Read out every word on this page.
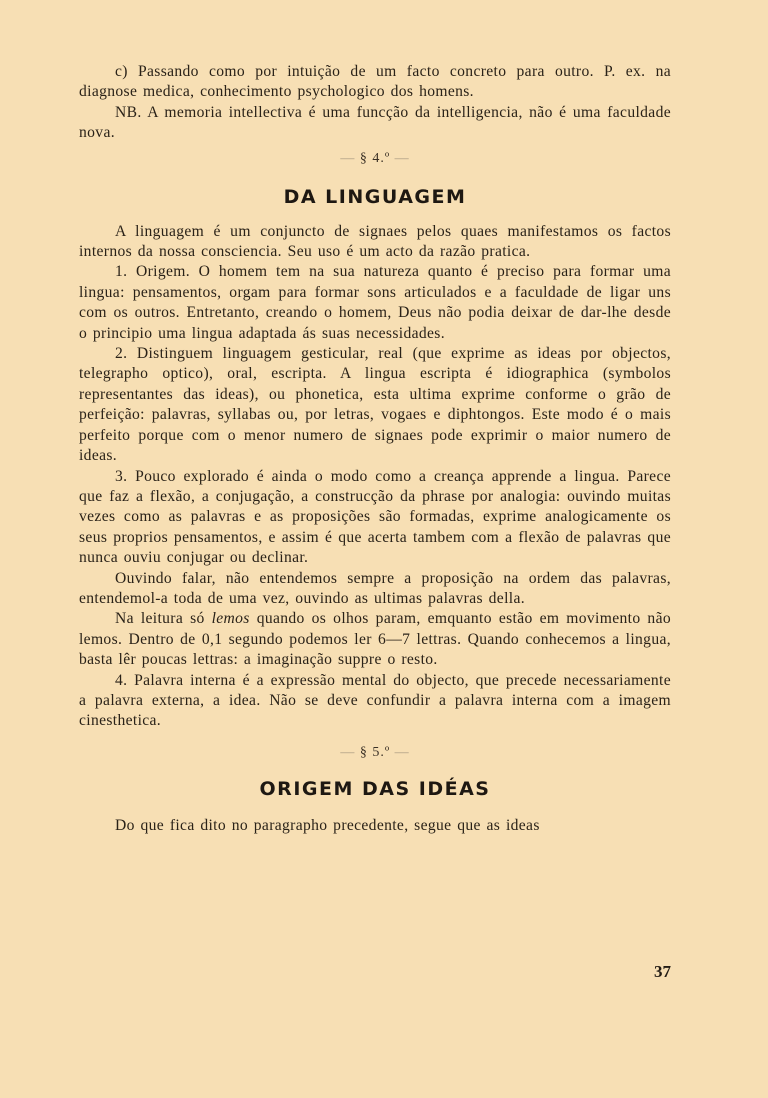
c) Passando como por intuição de um facto concreto para outro. P. ex. na diagnose medica, conhecimento psychologico dos homens.

NB. A memoria intellectiva é uma funcção da intelligencia, não é uma faculdade nova.

— § 4.º —
DA LINGUAGEM

A linguagem é um conjuncto de signaes pelos quaes manifestamos os factos internos da nossa consciencia. Seu uso é um acto da razão pratica.

1. Origem. O homem tem na sua natureza quanto é preciso para formar uma lingua: pensamentos, orgam para formar sons articulados e a faculdade de ligar uns com os outros. Entretanto, creando o homem, Deus não podia deixar de dar-lhe desde o principio uma lingua adaptada ás suas necessidades.

2. Distinguem linguagem gesticular, real (que exprime as ideas por objectos, telegrapho optico), oral, escripta. A lingua escripta é idiographica (symbolos representantes das ideas), ou phonetica, esta ultima exprime conforme o grão de perfeição: palavras, syllabas ou, por letras, vogaes e diphtongos. Este modo é o mais perfeito porque com o menor numero de signaes pode exprimir o maior numero de ideas.

3. Pouco explorado é ainda o modo como a creança apprende a lingua. Parece que faz a flexão, a conjugação, a construcção da phrase por analogia: ouvindo muitas vezes como as palavras e as proposições são formadas, exprime analogicamente os seus proprios pensamentos, e assim é que acerta tambem com a flexão de palavras que nunca ouviu conjugar ou declinar.

Ouvindo falar, não entendemos sempre a proposição na ordem das palavras, entendemol-a toda de uma vez, ouvindo as ultimas palavras della.

Na leitura só lemos quando os olhos param, emquanto estão em movimento não lemos. Dentro de 0,1 segundo podemos ler 6—7 lettras. Quando conhecemos a lingua, basta lêr poucas lettras: a imaginação suppre o resto.

4. Palavra interna é a expressão mental do objecto, que precede necessariamente a palavra externa, a idea. Não se deve confundir a palavra interna com a imagem cinesthetica.

— § 5.º —
ORIGEM DAS IDÉAS

Do que fica dito no paragrapho precedente, segue que as ideas

37
